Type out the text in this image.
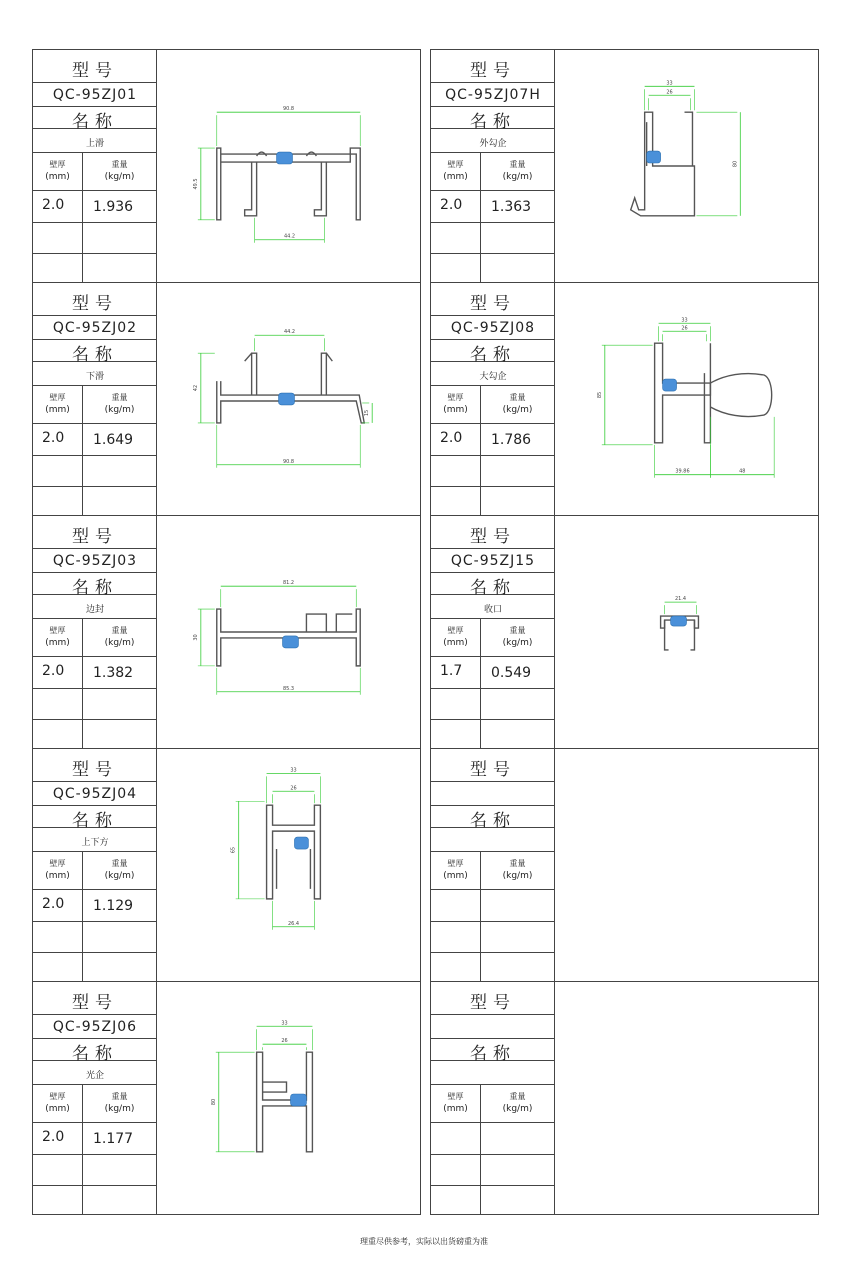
型号
QC-95ZJ01
名称
上滑
壁厚
(mm)
重量
(kg/m)
2.0 1.936
90.8
49.5
44.2
型号
QC-95ZJ07H
名称
外勾企
壁厚
(mm)
重量
(kg/m)
2.0 1.363
33
26
80
型号
QC-95ZJ02
名称
下滑
壁厚
(mm)
重量
(kg/m)
2.0 1.649
44.2
42
15
90.8
型号
QC-95ZJ08
名称
大勾企
壁厚
(mm)
重量
(kg/m)
2.0 1.786
33
26
85
39.86	48
型号
QC-95ZJ03
名称
边封
壁厚
(mm)
重量
(kg/m)
2.0 1.382
81.2
30
85.3
型号
QC-95ZJ15
名称
收口
壁厚
(mm)
重量
(kg/m)
1.7 0.549
21.4
型号
QC-95ZJ04
名称
上下方
壁厚
(mm)
重量
(kg/m)
2.0 1.129
33
26
65
26.4
型号
名称
壁厚
(mm)
重量
(kg/m)
型号
QC-95ZJ06
名称
光企
壁厚
(mm)
重量
(kg/m)
2.0 1.177
33
26
80
型号
名称
壁厚
(mm)
重量
(kg/m)
理重尽供参考，实际以出货磅重为准
